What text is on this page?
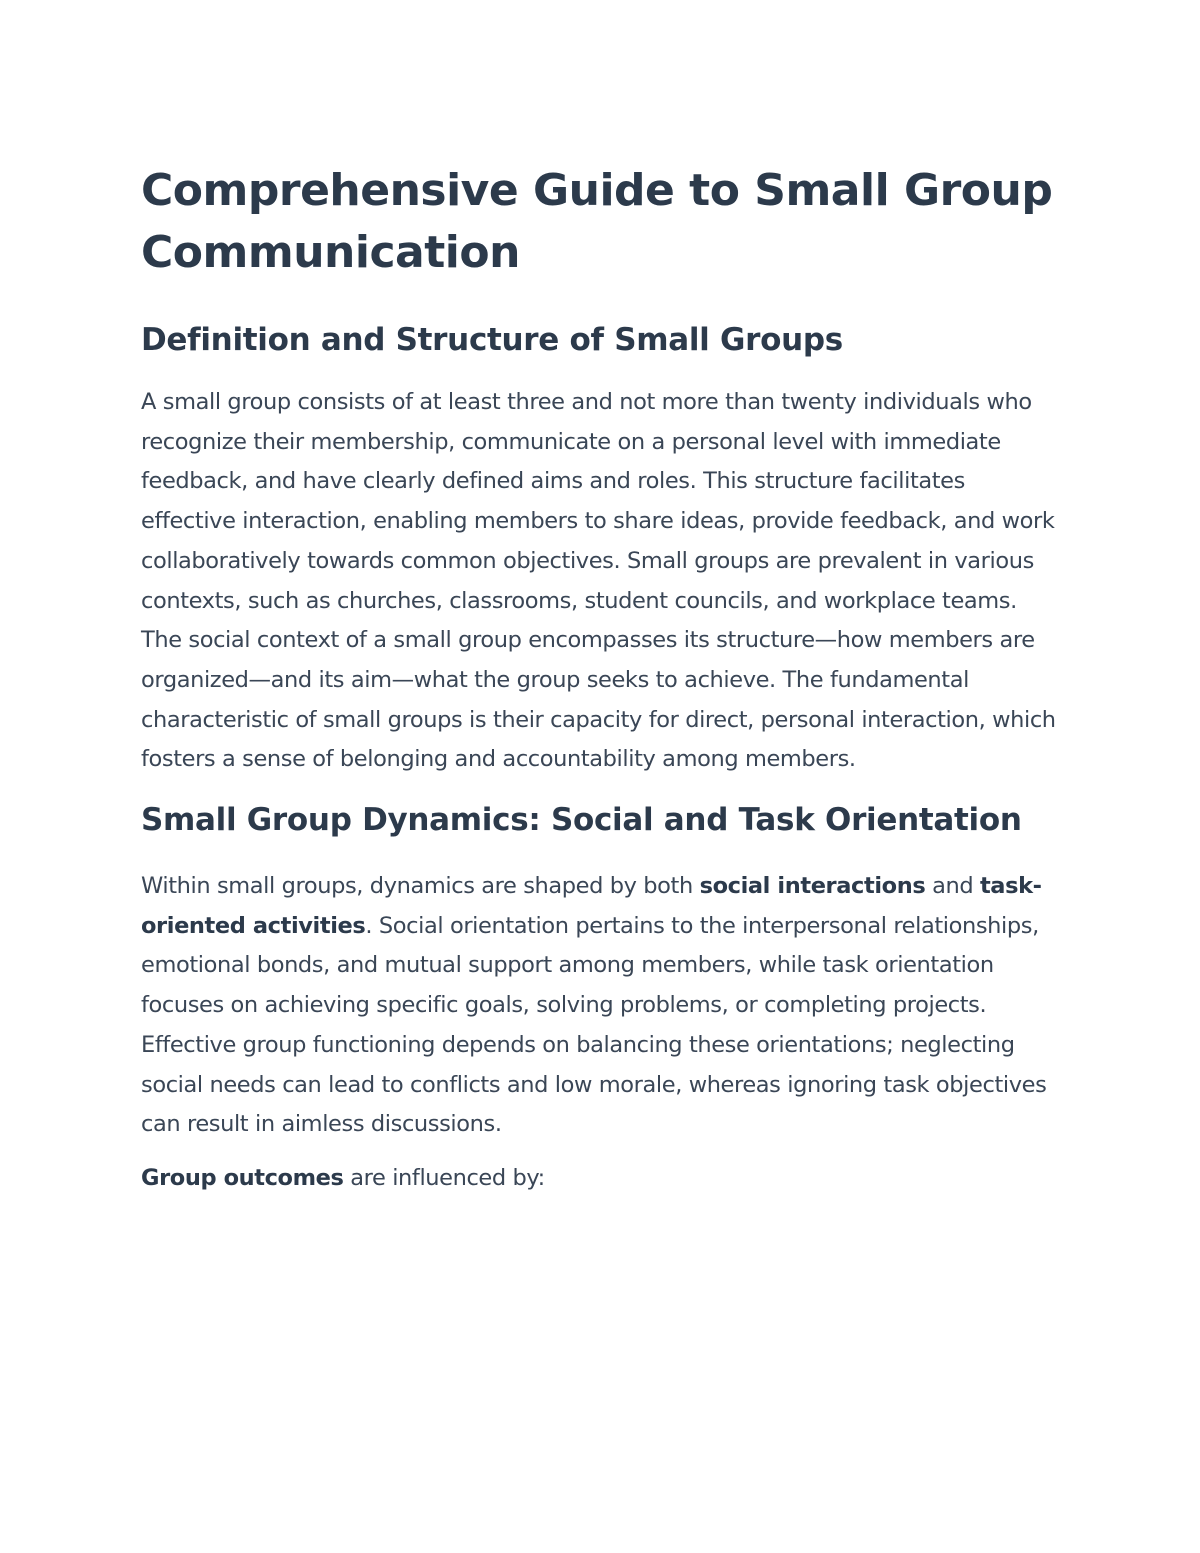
Comprehensive Guide to Small Group Communication
Definition and Structure of Small Groups

A small group consists of at least three and not more than twenty individuals who recognize their membership, communicate on a personal level with immediate feedback, and have clearly defined aims and roles. This structure facilitates effective interaction, enabling members to share ideas, provide feedback, and work collaboratively towards common objectives. Small groups are prevalent in various contexts, such as churches, classrooms, student councils, and workplace teams. The social context of a small group encompasses its structure—how members are organized—and its aim—what the group seeks to achieve. The fundamental characteristic of small groups is their capacity for direct, personal interaction, which fosters a sense of belonging and accountability among members.

Small Group Dynamics: Social and Task Orientation

Within small groups, dynamics are shaped by both social interactions and task-oriented activities. Social orientation pertains to the interpersonal relationships, emotional bonds, and mutual support among members, while task orientation focuses on achieving specific goals, solving problems, or completing projects. Effective group functioning depends on balancing these orientations; neglecting social needs can lead to conflicts and low morale, whereas ignoring task objectives can result in aimless discussions.

Group outcomes are influenced by:
